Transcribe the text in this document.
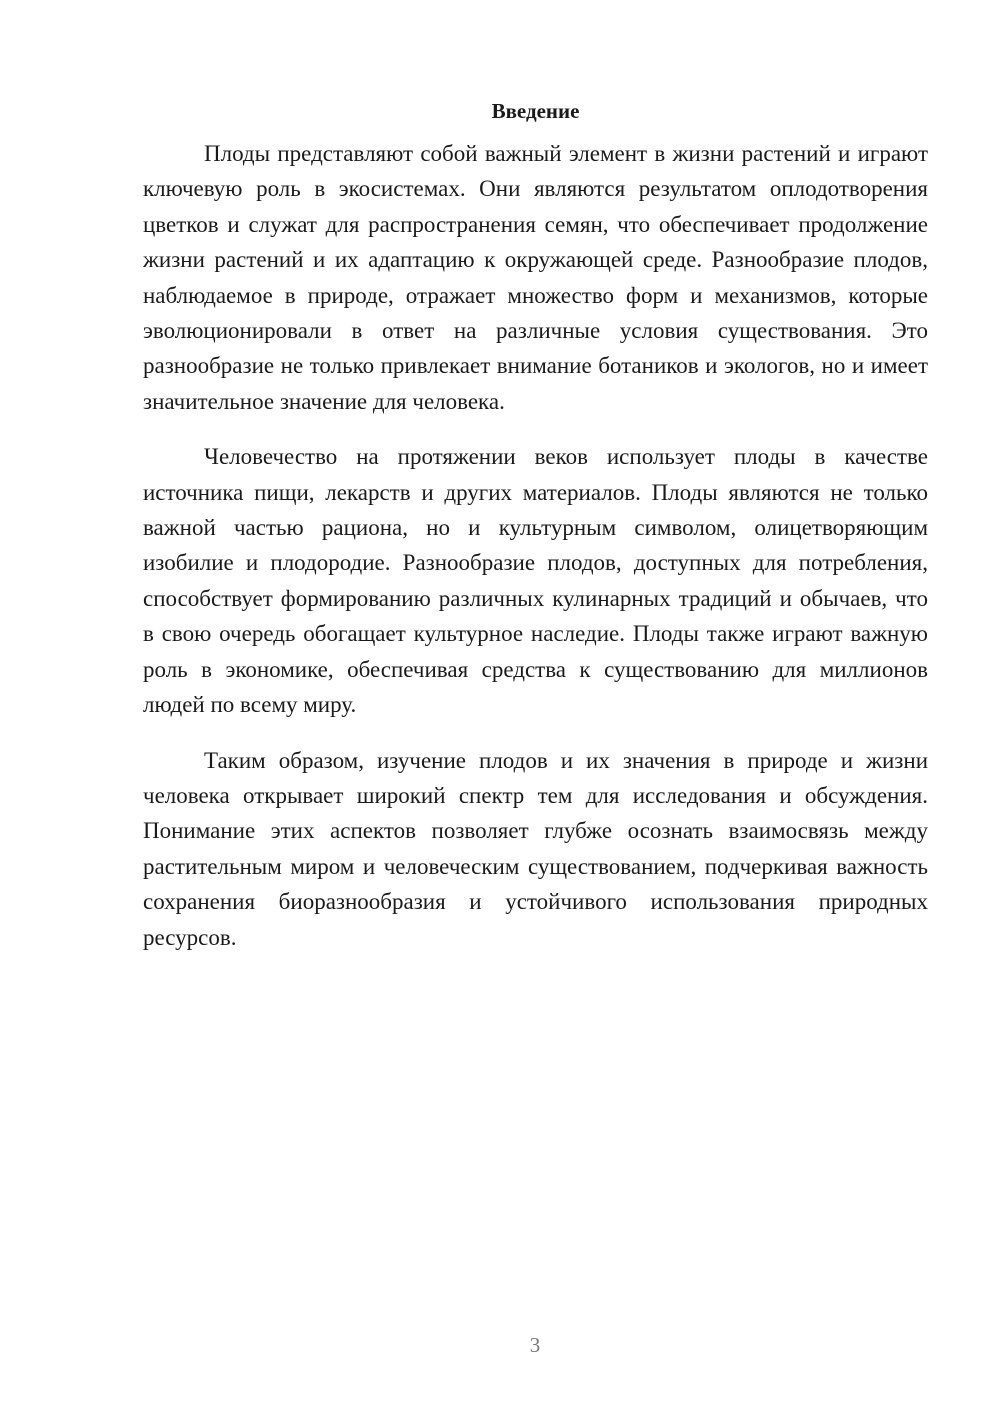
Введение

Плоды представляют собой важный элемент в жизни растений и играют ключевую роль в экосистемах. Они являются результатом оплодотворения цветков и служат для распространения семян, что обеспечивает продолжение жизни растений и их адаптацию к окружающей среде. Разнообразие плодов, наблюдаемое в природе, отражает множество форм и механизмов, которые эволюционировали в ответ на различные условия существования. Это разнообразие не только привлекает внимание ботаников и экологов, но и имеет значительное значение для человека.

Человечество на протяжении веков использует плоды в качестве источника пищи, лекарств и других материалов. Плоды являются не только важной частью рациона, но и культурным символом, олицетворяющим изобилие и плодородие. Разнообразие плодов, доступных для потребления, способствует формированию различных кулинарных традиций и обычаев, что в свою очередь обогащает культурное наследие. Плоды также играют важную роль в экономике, обеспечивая средства к существованию для миллионов людей по всему миру.

Таким образом, изучение плодов и их значения в природе и жизни человека открывает широкий спектр тем для исследования и обсуждения. Понимание этих аспектов позволяет глубже осознать взаимосвязь между растительным миром и человеческим существованием, подчеркивая важность сохранения биоразнообразия и устойчивого использования природных ресурсов.

3
